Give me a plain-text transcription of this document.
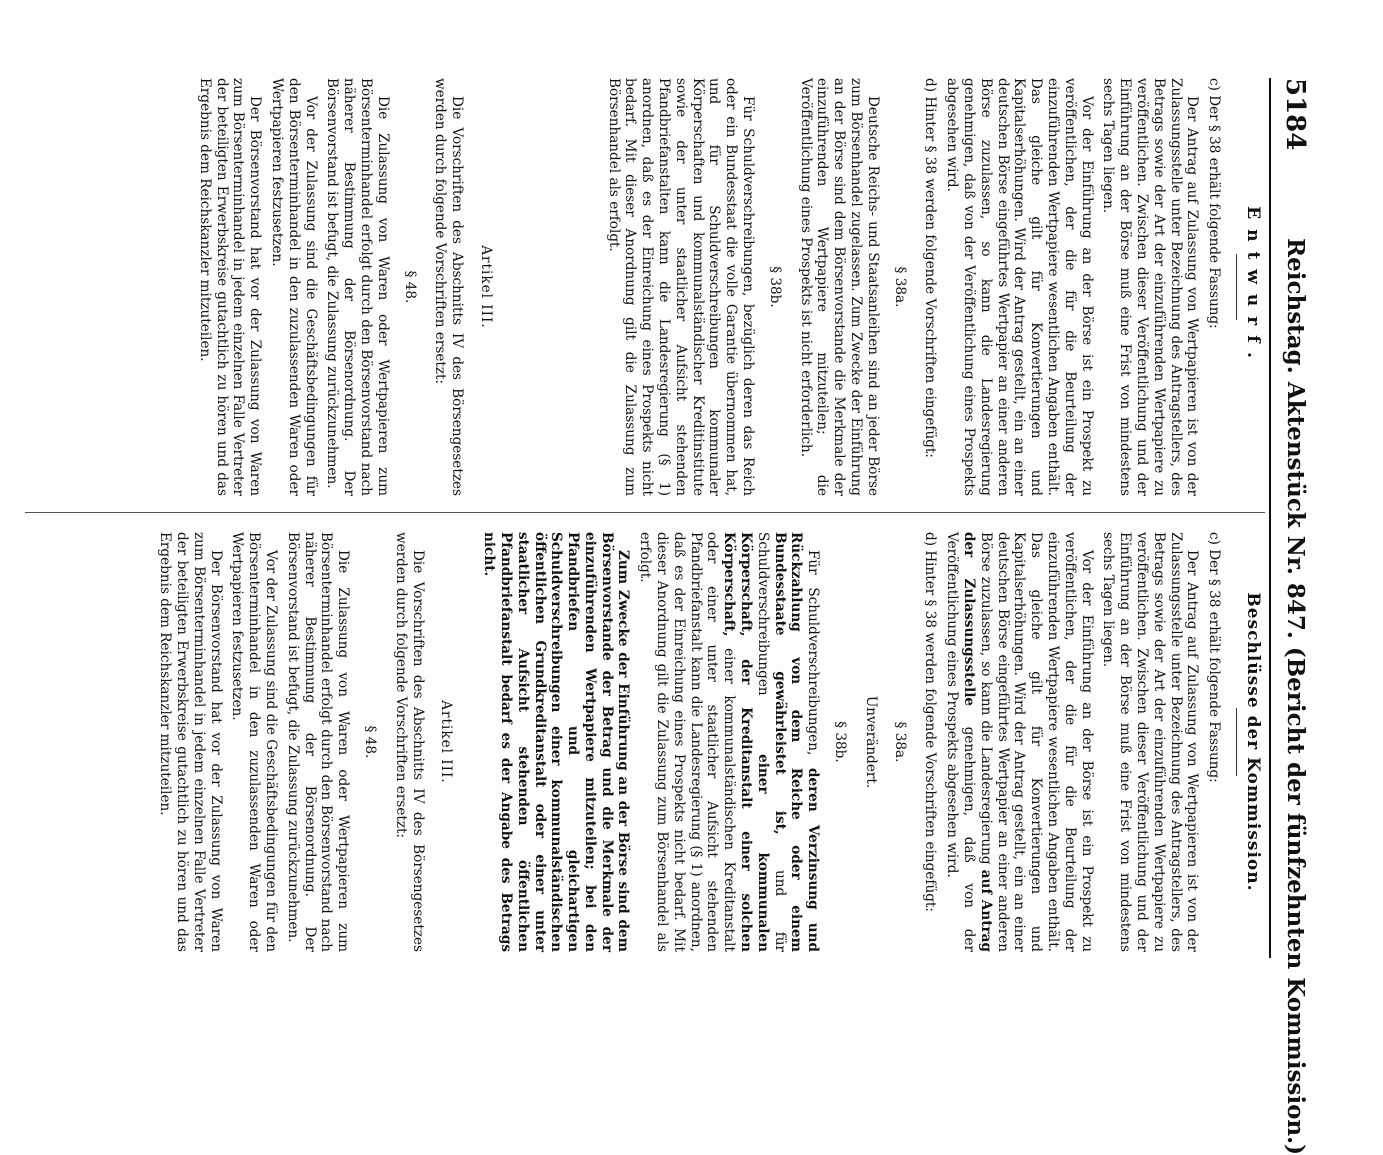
5184
Reichstag. Aktenstück Nr. 847. (Bericht der fünfzehnten Kommission.)
Entwurf.

c) Der § 38 erhält folgende Fassung:

Der Antrag auf Zulassung von Wertpapieren ist von der Zulassungsstelle unter Bezeichnung des Antragstellers, des Betrags sowie der Art der einzuführenden Wertpapiere zu veröffentlichen. Zwischen dieser Veröffentlichung und der Einführung an der Börse muß eine Frist von mindestens sechs Tagen liegen.

Vor der Einführung an der Börse ist ein Prospekt zu veröffentlichen, der die für die Beurteilung der einzuführenden Wertpapiere wesentlichen Angaben enthält. Das gleiche gilt für Konvertierungen und Kapitalserhöhungen. Wird der Antrag gestellt, ein an einer deutschen Börse eingeführtes Wertpapier an einer anderen Börse zuzulassen, so kann die Landesregierung genehmigen, daß von der Veröffentlichung eines Prospekts abgesehen wird.

d) Hinter § 38 werden folgende Vorschriften eingefügt:

§ 38a.

Deutsche Reichs- und Staatsanleihen sind an jeder Börse zum Börsenhandel zugelassen. Zum Zwecke der Einführung an der Börse sind dem Börsenvorstande die Merkmale der einzuführenden Wertpapiere mitzuteilen; die Veröffentlichung eines Prospekts ist nicht erforderlich.

§ 38b.

Für Schuldverschreibungen, bezüglich deren das Reich oder ein Bundesstaat die volle Garantie übernommen hat, und für Schuldverschreibungen kommunaler Körperschaften und kommunalständischer Kreditinstitute sowie der unter staatlicher Aufsicht stehenden Pfandbriefanstalten kann die Landesregierung (§ 1) anordnen, daß es der Einreichung eines Prospekts nicht bedarf. Mit dieser Anordnung gilt die Zulassung zum Börsenhandel als erfolgt.

Artikel III.

Die Vorschriften des Abschnitts IV des Börsengesetzes werden durch folgende Vorschriften ersetzt:

§ 48.

Die Zulassung von Waren oder Wertpapieren zum Börsenterminhandel erfolgt durch den Börsenvorstand nach näherer Bestimmung der Börsenordnung. Der Börsenvorstand ist befugt, die Zulassung zurückzunehmen.

Vor der Zulassung sind die Geschäftsbedingungen für den Börsenterminhandel in den zuzulassenden Waren oder Wertpapieren festzusetzen.

Der Börsenvorstand hat vor der Zulassung von Waren zum Börsenterminhandel in jedem einzelnen Falle Vertreter der beteiligten Erwerbskreise gutachtlich zu hören und das Ergebnis dem Reichskanzler mitzuteilen.

Beschlüsse der Kommission.

c) Der § 38 erhält folgende Fassung:

Der Antrag auf Zulassung von Wertpapieren ist von der Zulassungsstelle unter Bezeichnung des Antragstellers, des Betrags sowie der Art der einzuführenden Wertpapiere zu veröffentlichen. Zwischen dieser Veröffentlichung und der Einführung an der Börse muß eine Frist von mindestens sechs Tagen liegen.

Vor der Einführung an der Börse ist ein Prospekt zu veröffentlichen, der die für die Beurteilung der einzuführenden Wertpapiere wesentlichen Angaben enthält. Das gleiche gilt für Konvertierungen und Kapitalserhöhungen. Wird der Antrag gestellt, ein an einer deutschen Börse eingeführtes Wertpapier an einer anderen Börse zuzulassen, so kann die Landesregierung auf Antrag der Zulassungsstelle genehmigen, daß von der Veröffentlichung eines Prospekts abgesehen wird.

d) Hinter § 38 werden folgende Vorschriften eingefügt:

§ 38a.
Unverändert.
§ 38b.

Für Schuldverschreibungen, deren Verzinsung und Rückzahlung von dem Reiche oder einem Bundesstaate gewährleistet ist, und für Schuldverschreibungen einer kommunalen Körperschaft, der Kreditanstalt einer solchen Körperschaft, einer kommunalständischen Kreditanstalt oder einer unter staatlicher Aufsicht stehenden Pfandbriefanstalt kann die Landesregierung (§ 1) anordnen, daß es der Einreichung eines Prospekts nicht bedarf. Mit dieser Anordnung gilt die Zulassung zum Börsenhandel als erfolgt.

Zum Zwecke der Einführung an der Börse sind dem Börsenvorstande der Betrag und die Merkmale der einzuführenden Wertpapiere mitzuteilen; bei den Pfandbriefen und gleichartigen Schuldverschreibungen einer kommunalständischen öffentlichen Grundkreditanstalt oder einer unter staatlicher Aufsicht stehenden öffentlichen Pfandbriefanstalt bedarf es der Angabe des Betrags nicht.

Artikel III.

Die Vorschriften des Abschnitts IV des Börsengesetzes werden durch folgende Vorschriften ersetzt:

§ 48.

Die Zulassung von Waren oder Wertpapieren zum Börsenterminhandel erfolgt durch den Börsenvorstand nach näherer Bestimmung der Börsenordnung. Der Börsenvorstand ist befugt, die Zulassung zurückzunehmen.

Vor der Zulassung sind die Geschäftsbedingungen für den Börsenterminhandel in den zuzulassenden Waren oder Wertpapieren festzusetzen.

Der Börsenvorstand hat vor der Zulassung von Waren zum Börsenterminhandel in jedem einzelnen Falle Vertreter der beteiligten Erwerbskreise gutachtlich zu hören und das Ergebnis dem Reichskanzler mitzuteilen.
